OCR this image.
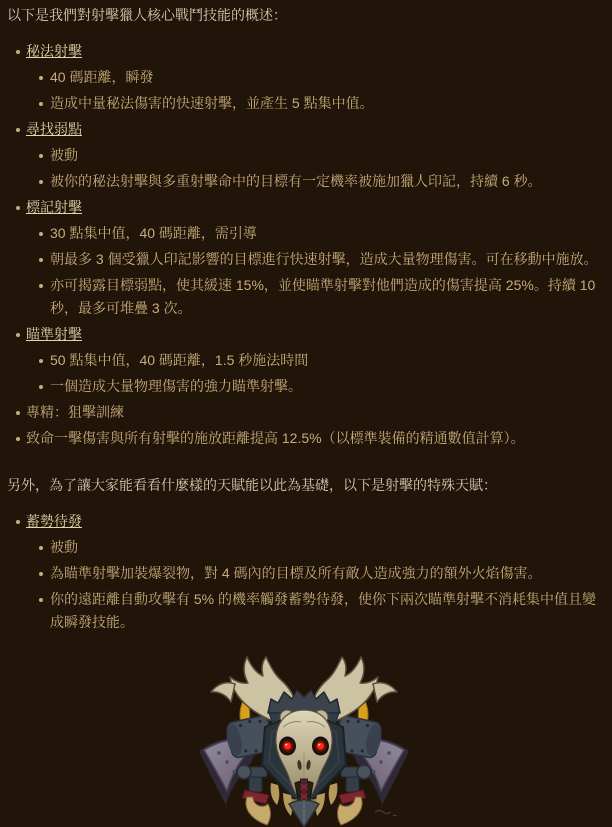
以下是我們對射擊獵人核心戰鬥技能的概述：

秘法射擊
40 碼距離，瞬發
造成中量秘法傷害的快速射擊，並產生 5 點集中值。
尋找弱點
被動
被你的秘法射擊與多重射擊命中的目標有一定機率被施加獵人印記，持續 6 秒。
標記射擊
30 點集中值，40 碼距離，需引導
朝最多 3 個受獵人印記影響的目標進行快速射擊，造成大量物理傷害。可在移動中施放。
亦可揭露目標弱點，使其緩速 15%，並使瞄準射擊對他們造成的傷害提高 25%。持續 10 秒，最多可堆疊 3 次。
瞄準射擊
50 點集中值，40 碼距離，1.5 秒施法時間
一個造成大量物理傷害的強力瞄準射擊。
專精：狙擊訓練
致命一擊傷害與所有射擊的施放距離提高 12.5%（以標準裝備的精通數值計算）。

另外，為了讓大家能看看什麼樣的天賦能以此為基礎，以下是射擊的特殊天賦：

蓄勢待發
被動
為瞄準射擊加裝爆裂物，對 4 碼內的目標及所有敵人造成強力的額外火焰傷害。
你的遠距離自動攻擊有 5% 的機率觸發蓄勢待發，使你下兩次瞄準射擊不消耗集中值且變成瞬發技能。
